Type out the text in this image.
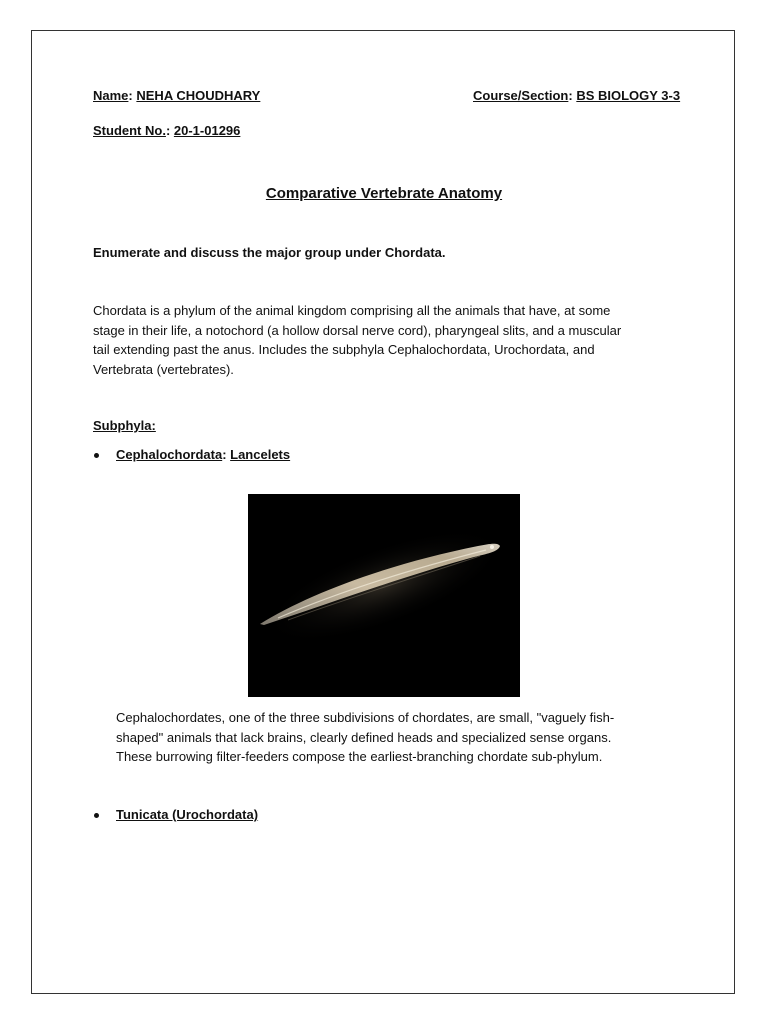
Name: NEHA CHOUDHARY	Course/Section: BS BIOLOGY 3-3
Student No.: 20-1-01296
Comparative Vertebrate Anatomy
Enumerate and discuss the major group under Chordata.
Chordata is a phylum of the animal kingdom comprising all the animals that have, at some
stage in their life, a notochord (a hollow dorsal nerve cord), pharyngeal slits, and a muscular
tail extending past the anus. Includes the subphyla Cephalochordata, Urochordata, and
Vertebrata (vertebrates).
Subphyla:
Cephalochordata: Lancelets
Cephalochordates, one of the three subdivisions of chordates, are small, "vaguely fish-
shaped" animals that lack brains, clearly defined heads and specialized sense organs.
These burrowing filter-feeders compose the earliest-branching chordate sub-phylum.
Tunicata (Urochordata)
